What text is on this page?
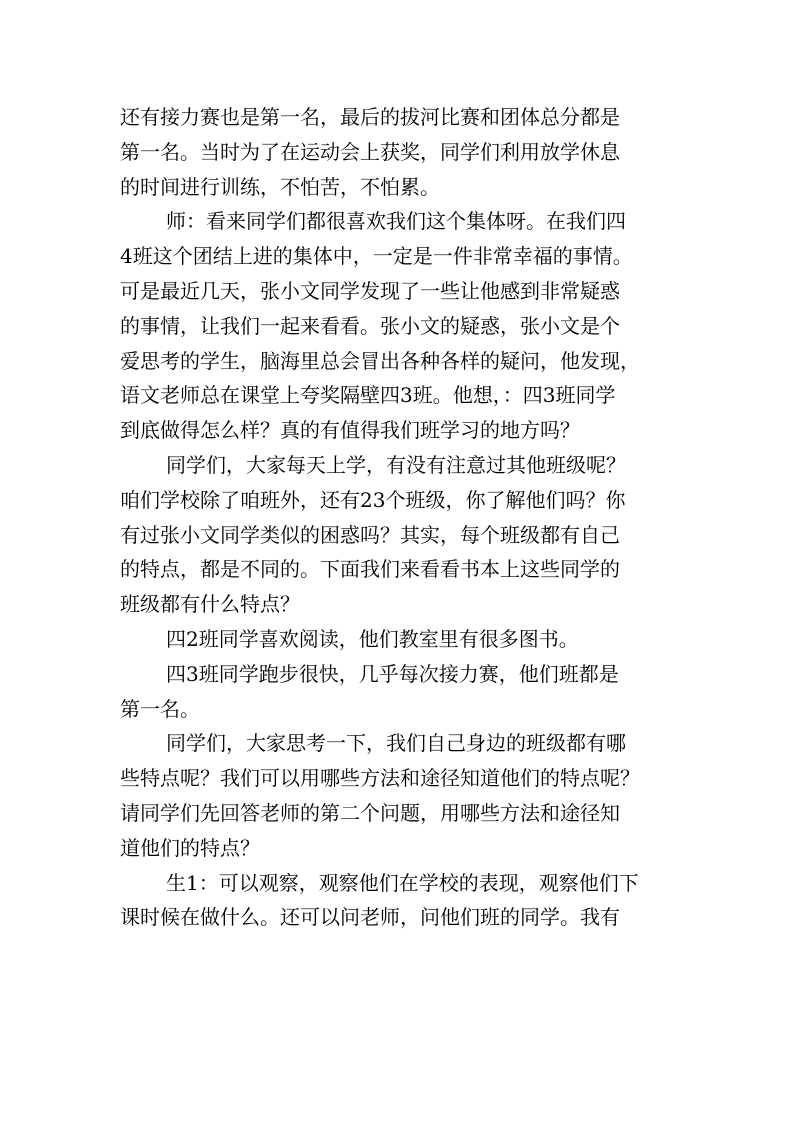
还有接力赛也是第一名，最后的拔河比赛和团体总分都是
第一名。当时为了在运动会上获奖，同学们利用放学休息
的时间进行训练，不怕苦，不怕累。
师：看来同学们都很喜欢我们这个集体呀。在我们四
4班这个团结上进的集体中，一定是一件非常幸福的事情。
可是最近几天，张小文同学发现了一些让他感到非常疑惑
的事情，让我们一起来看看。张小文的疑惑，张小文是个
爱思考的学生，脑海里总会冒出各种各样的疑问，他发现，
语文老师总在课堂上夸奖隔壁四3班。他想，：四3班同学
到底做得怎么样？真的有值得我们班学习的地方吗？
同学们，大家每天上学，有没有注意过其他班级呢？
咱们学校除了咱班外，还有23个班级，你了解他们吗？你
有过张小文同学类似的困惑吗？其实，每个班级都有自己
的特点，都是不同的。下面我们来看看书本上这些同学的
班级都有什么特点？
四2班同学喜欢阅读，他们教室里有很多图书。
四3班同学跑步很快，几乎每次接力赛，他们班都是
第一名。
同学们，大家思考一下，我们自己身边的班级都有哪
些特点呢？我们可以用哪些方法和途径知道他们的特点呢？
请同学们先回答老师的第二个问题，用哪些方法和途径知
道他们的特点？
生1：可以观察，观察他们在学校的表现，观察他们下
课时候在做什么。还可以问老师，问他们班的同学。我有
